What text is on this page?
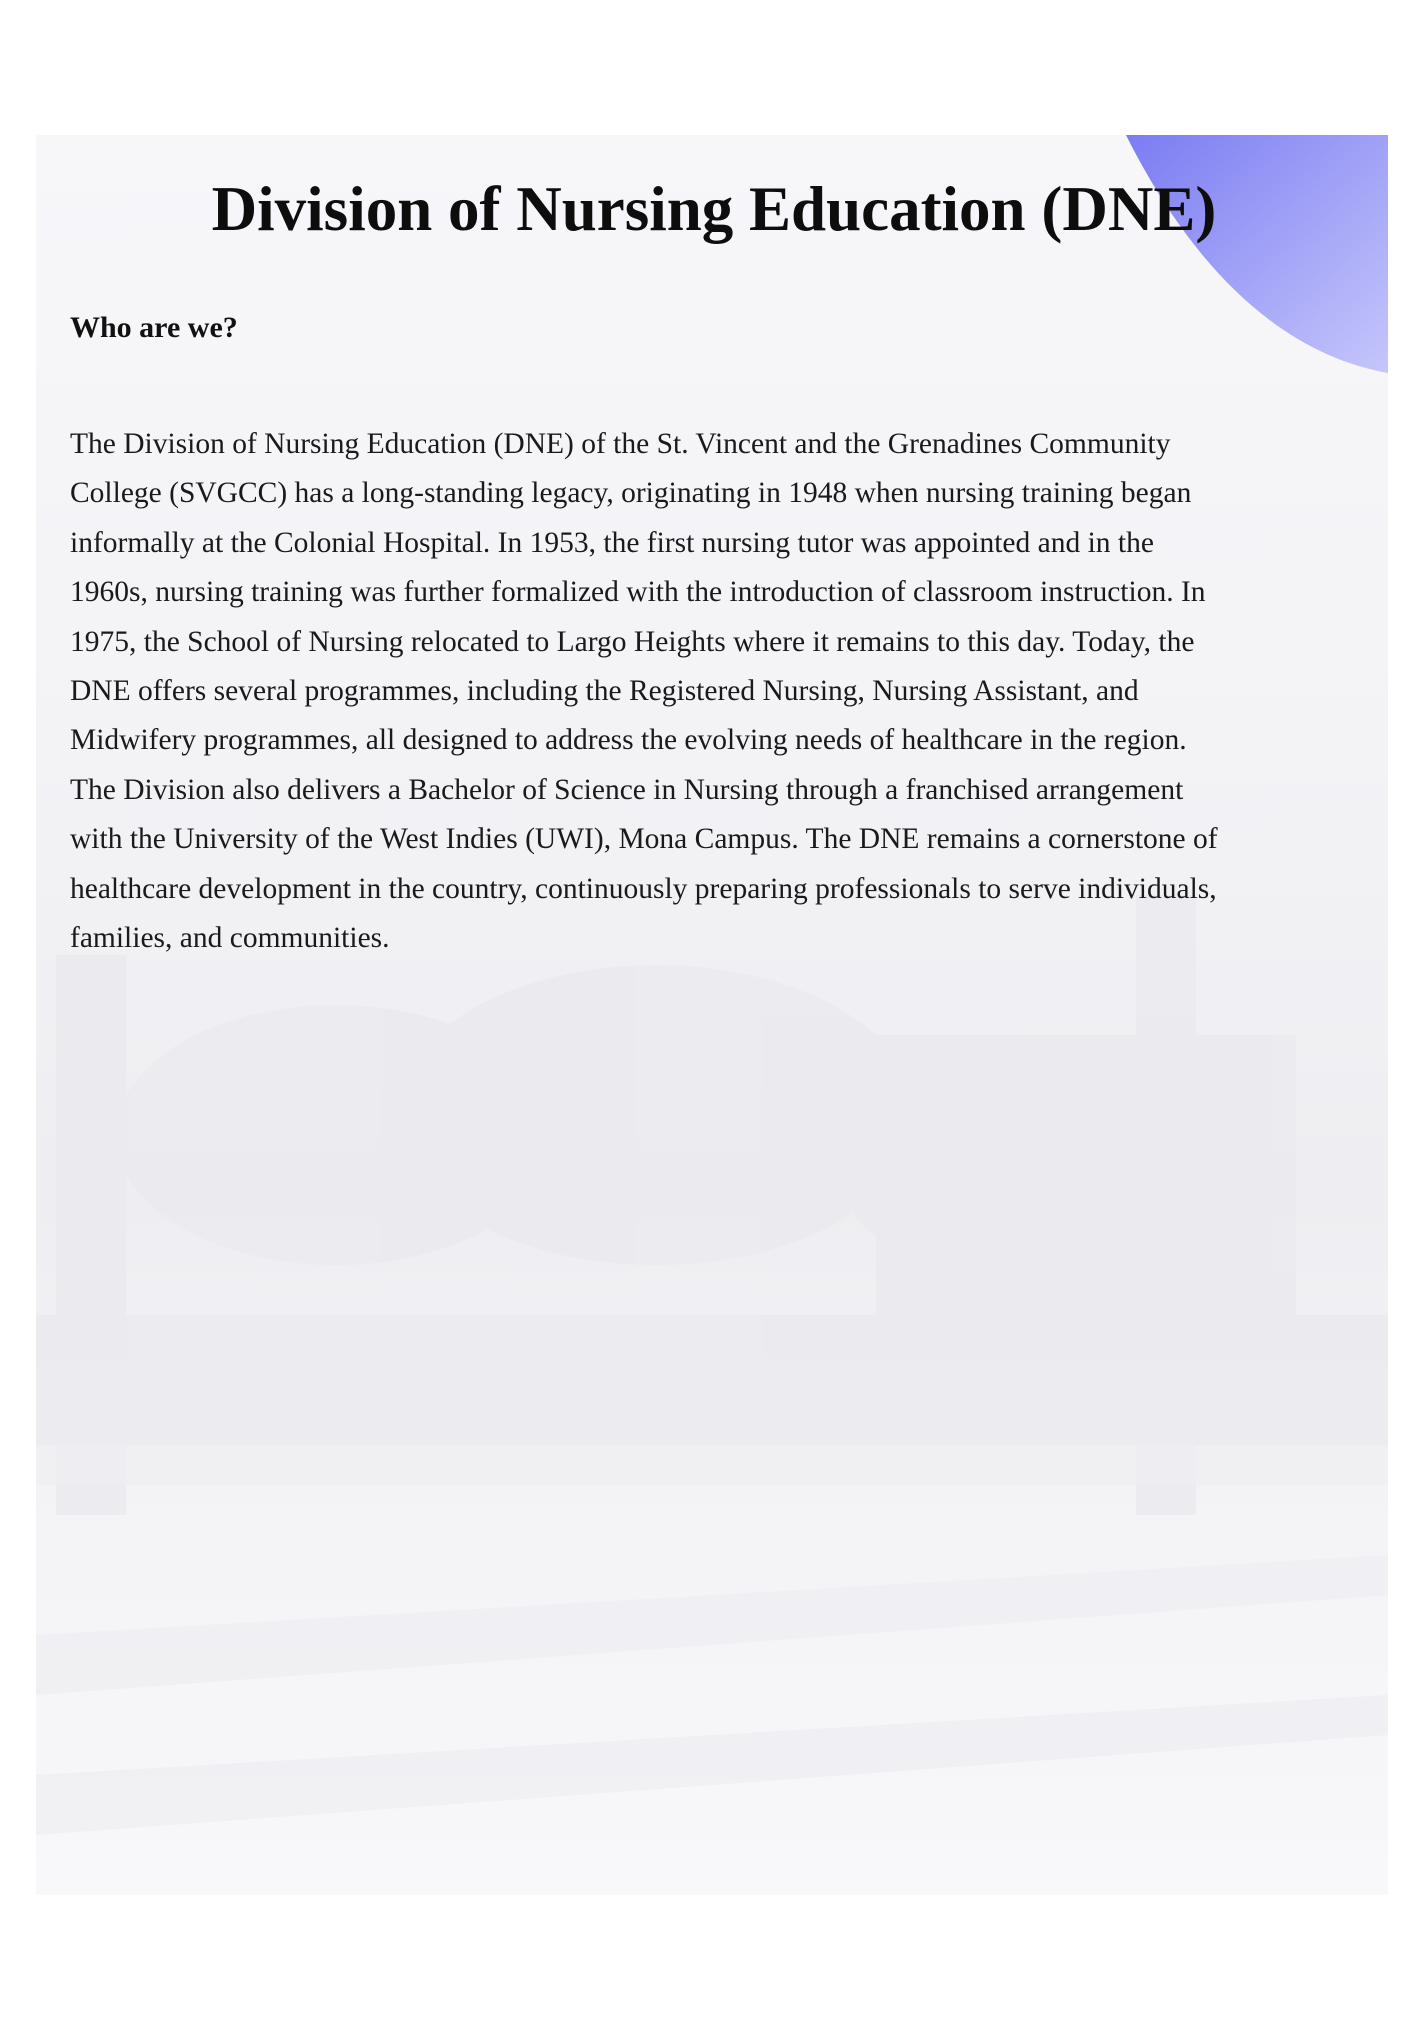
Division of Nursing Education (DNE)
Who are we?

The Division of Nursing Education (DNE) of the St. Vincent and the Grenadines Community
College (SVGCC) has a long-standing legacy, originating in 1948 when nursing training began
informally at the Colonial Hospital. In 1953, the first nursing tutor was appointed and in the
1960s, nursing training was further formalized with the introduction of classroom instruction. In
1975, the School of Nursing relocated to Largo Heights where it remains to this day. Today, the
DNE offers several programmes, including the Registered Nursing, Nursing Assistant, and
Midwifery programmes, all designed to address the evolving needs of healthcare in the region.
The Division also delivers a Bachelor of Science in Nursing through a franchised arrangement
with the University of the West Indies (UWI), Mona Campus. The DNE remains a cornerstone of
healthcare development in the country, continuously preparing professionals to serve individuals,
families, and communities.
